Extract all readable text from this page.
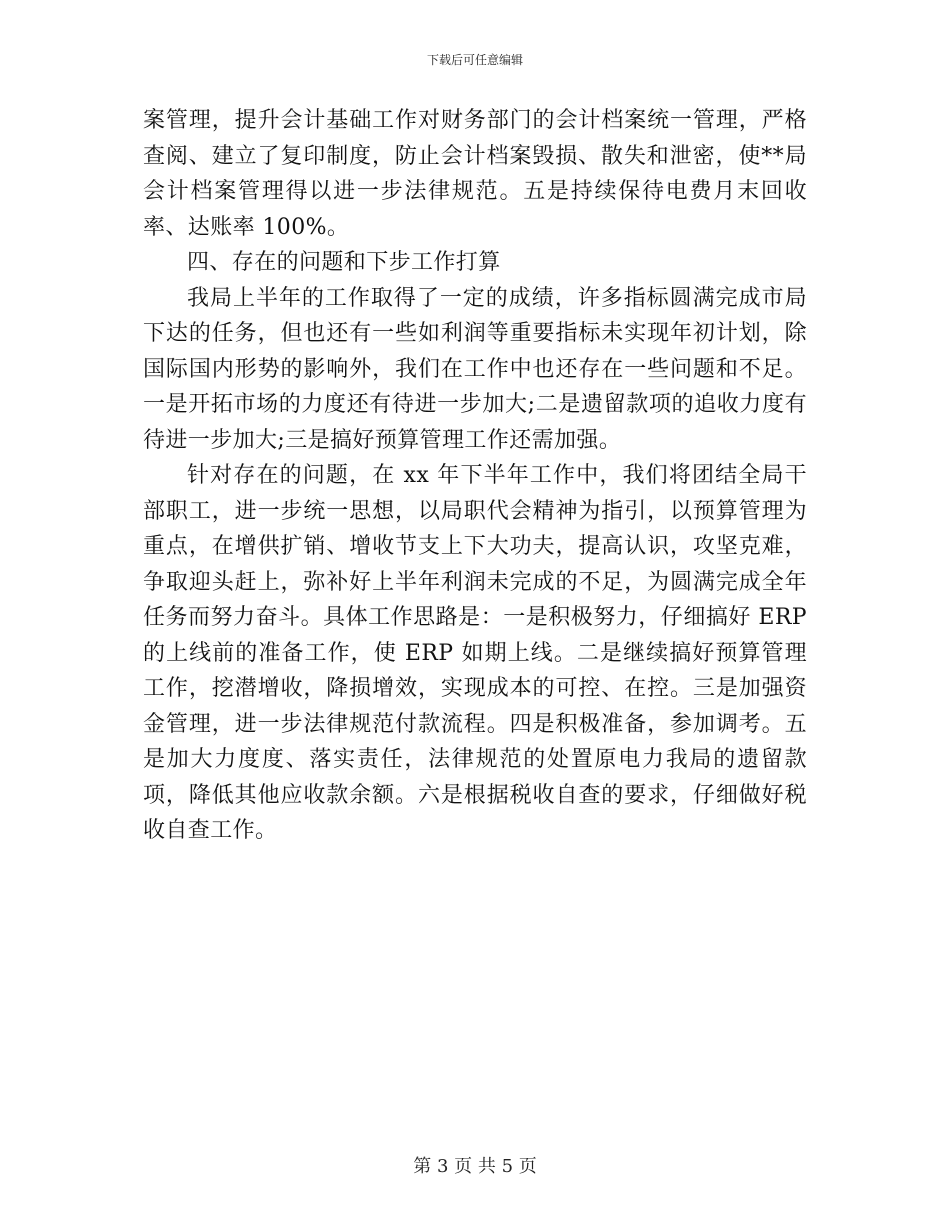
下载后可任意编辑

案管理，提升会计基础工作对财务部门的会计档案统一管理，严格查阅、建立了复印制度，防止会计档案毁损、散失和泄密，使**局会计档案管理得以进一步法律规范。五是持续保待电费月末回收率、达账率 100%。

四、存在的问题和下步工作打算

我局上半年的工作取得了一定的成绩，许多指标圆满完成市局下达的任务，但也还有一些如利润等重要指标未实现年初计划，除国际国内形势的影响外，我们在工作中也还存在一些问题和不足。一是开拓市场的力度还有待进一步加大;二是遗留款项的追收力度有待进一步加大;三是搞好预算管理工作还需加强。

针对存在的问题，在 xx 年下半年工作中，我们将团结全局干部职工，进一步统一思想，以局职代会精神为指引，以预算管理为重点，在增供扩销、增收节支上下大功夫，提高认识，攻坚克难，争取迎头赶上，弥补好上半年利润未完成的不足，为圆满完成全年任务而努力奋斗。具体工作思路是：一是积极努力，仔细搞好 ERP 的上线前的准备工作，使 ERP 如期上线。二是继续搞好预算管理工作，挖潜增收，降损增效，实现成本的可控、在控。三是加强资金管理，进一步法律规范付款流程。四是积极准备，参加调考。五是加大力度度、落实责任，法律规范的处置原电力我局的遗留款项，降低其他应收款余额。六是根据税收自查的要求，仔细做好税收自查工作。

第 3 页 共 5 页
